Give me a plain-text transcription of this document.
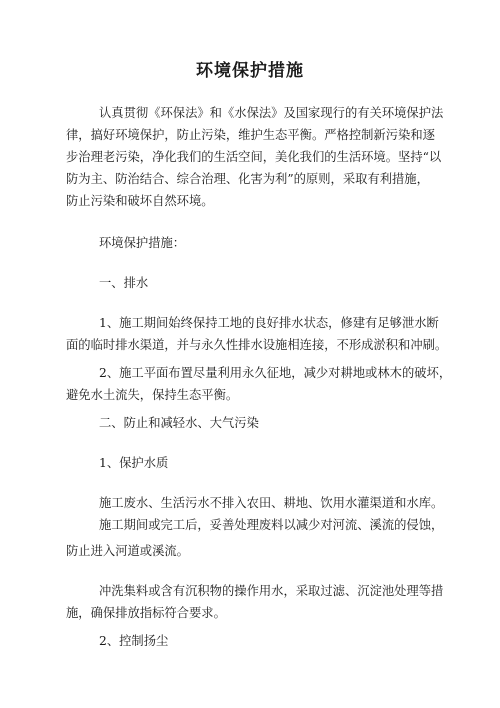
环境保护措施

认真贯彻《环保法》和《水保法》及国家现行的有关环境保护法
律，搞好环境保护，防止污染，维护生态平衡。严格控制新污染和逐
步治理老污染，净化我们的生活空间，美化我们的生活环境。坚持“以
防为主、防治结合、综合治理、化害为利”的原则，采取有利措施，
防止污染和破坏自然环境。

环境保护措施：

一、排水

1、施工期间始终保持工地的良好排水状态，修建有足够泄水断
面的临时排水渠道，并与永久性排水设施相连接，不形成淤积和冲刷。

2、施工平面布置尽量利用永久征地，减少对耕地或林木的破坏，
避免水土流失，保持生态平衡。

二、防止和减轻水、大气污染

1、保护水质

施工废水、生活污水不排入农田、耕地、饮用水灌渠道和水库。
施工期间或完工后，妥善处理废料以减少对河流、溪流的侵蚀，

防止进入河道或溪流。

冲洗集料或含有沉积物的操作用水，采取过滤、沉淀池处理等措
施，确保排放指标符合要求。

2、控制扬尘
